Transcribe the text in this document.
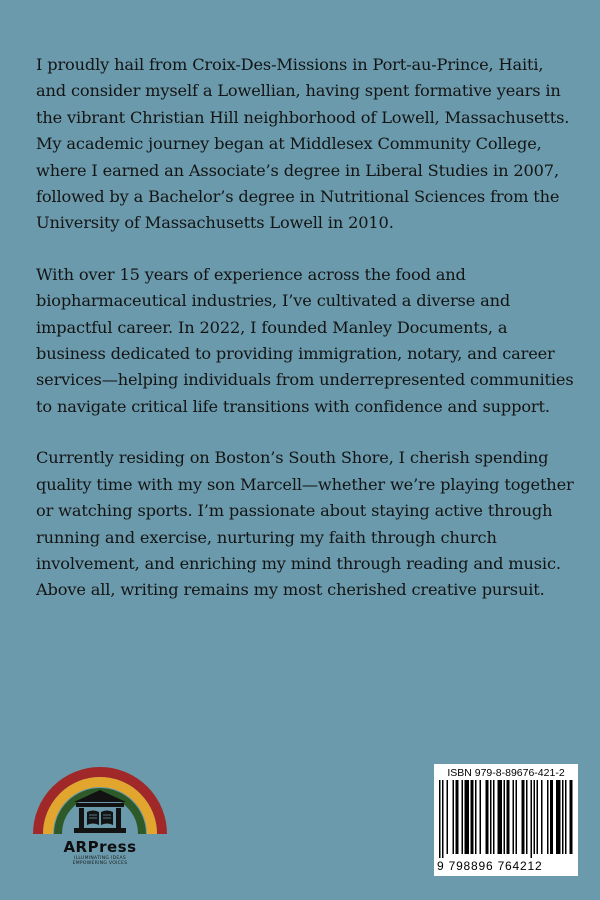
I proudly hail from Croix-Des-Missions in Port-au-Prince, Haiti, and consider myself a Lowellian, having spent formative years in the vibrant Christian Hill neighborhood of Lowell, Massachusetts. My academic journey began at Middlesex Community College, where I earned an Associate’s degree in Liberal Studies in 2007, followed by a Bachelor’s degree in Nutritional Sciences from the University of Massachusetts Lowell in 2010.

With over 15 years of experience across the food and biopharmaceutical industries, I’ve cultivated a diverse and impactful career. In 2022, I founded Manley Documents, a business dedicated to providing immigration, notary, and career services—helping individuals from underrepresented communities to navigate critical life transitions with confidence and support.

Currently residing on Boston’s South Shore, I cherish spending quality time with my son Marcell—whether we’re playing together or watching sports. I’m passionate about staying active through running and exercise, nurturing my faith through church involvement, and enriching my mind through reading and music. Above all, writing remains my most cherished creative pursuit.

ARPress
ILLUMINATING IDEAS
EMPOWERING VOICES
ISBN 979-8-89676-421-2
9 798896 764212
